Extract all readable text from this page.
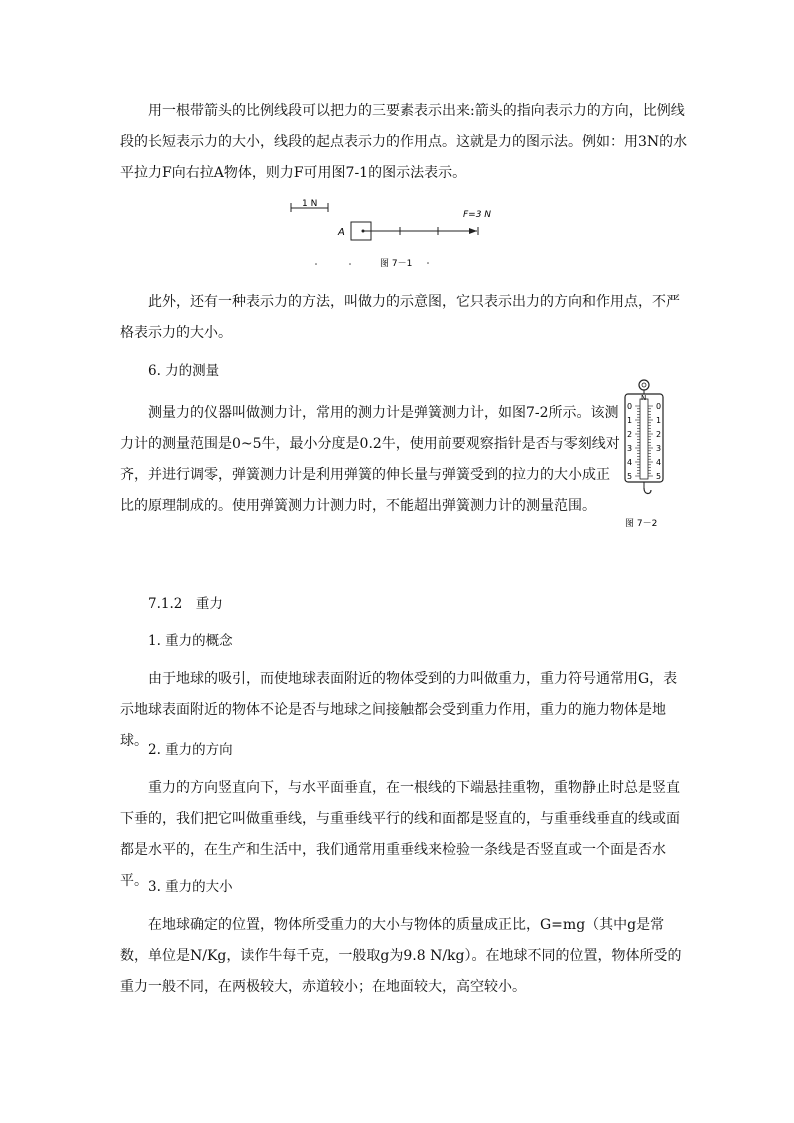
用一根带箭头的比例线段可以把力的三要素表示出来:箭头的指向表示力的方向，比例线段的长短表示力的大小，线段的起点表示力的作用点。这就是力的图示法。例如：用3N的水平拉力F向右拉A物体，则力F可用图7-1的图示法表示。

1 N
A
F=3 N
图 7－1

此外，还有一种表示力的方法，叫做力的示意图，它只表示出力的方向和作用点，不严格表示力的大小。

6. 力的测量

测量力的仪器叫做测力计，常用的测力计是弹簧测力计，如图7-2所示。该测力计的测量范围是0~5牛，最小分度是0.2牛，使用前要观察指针是否与零刻线对齐，并进行调零，弹簧测力计是利用弹簧的伸长量与弹簧受到的拉力的大小成正比的原理制成的。使用弹簧测力计测力时，不能超出弹簧测力计的测量范围。

N
0
1
2
3
4
5
0
1
2
3
4
5
图 7－2

7.1.2　重力

1. 重力的概念

由于地球的吸引，而使地球表面附近的物体受到的力叫做重力，重力符号通常用G，表示地球表面附近的物体不论是否与地球之间接触都会受到重力作用，重力的施力物体是地球。

2. 重力的方向

重力的方向竖直向下，与水平面垂直，在一根线的下端悬挂重物，重物静止时总是竖直下垂的，我们把它叫做重垂线，与重垂线平行的线和面都是竖直的，与重垂线垂直的线或面都是水平的，在生产和生活中，我们通常用重垂线来检验一条线是否竖直或一个面是否水平。 3. 重力的大小

在地球确定的位置，物体所受重力的大小与物体的质量成正比，G=mg（其中g是常数，单位是N/Kg，读作牛每千克，一般取g为9.8 N/kg）。在地球不同的位置，物体所受的重力一般不同，在两极较大，赤道较小；在地面较大，高空较小。
